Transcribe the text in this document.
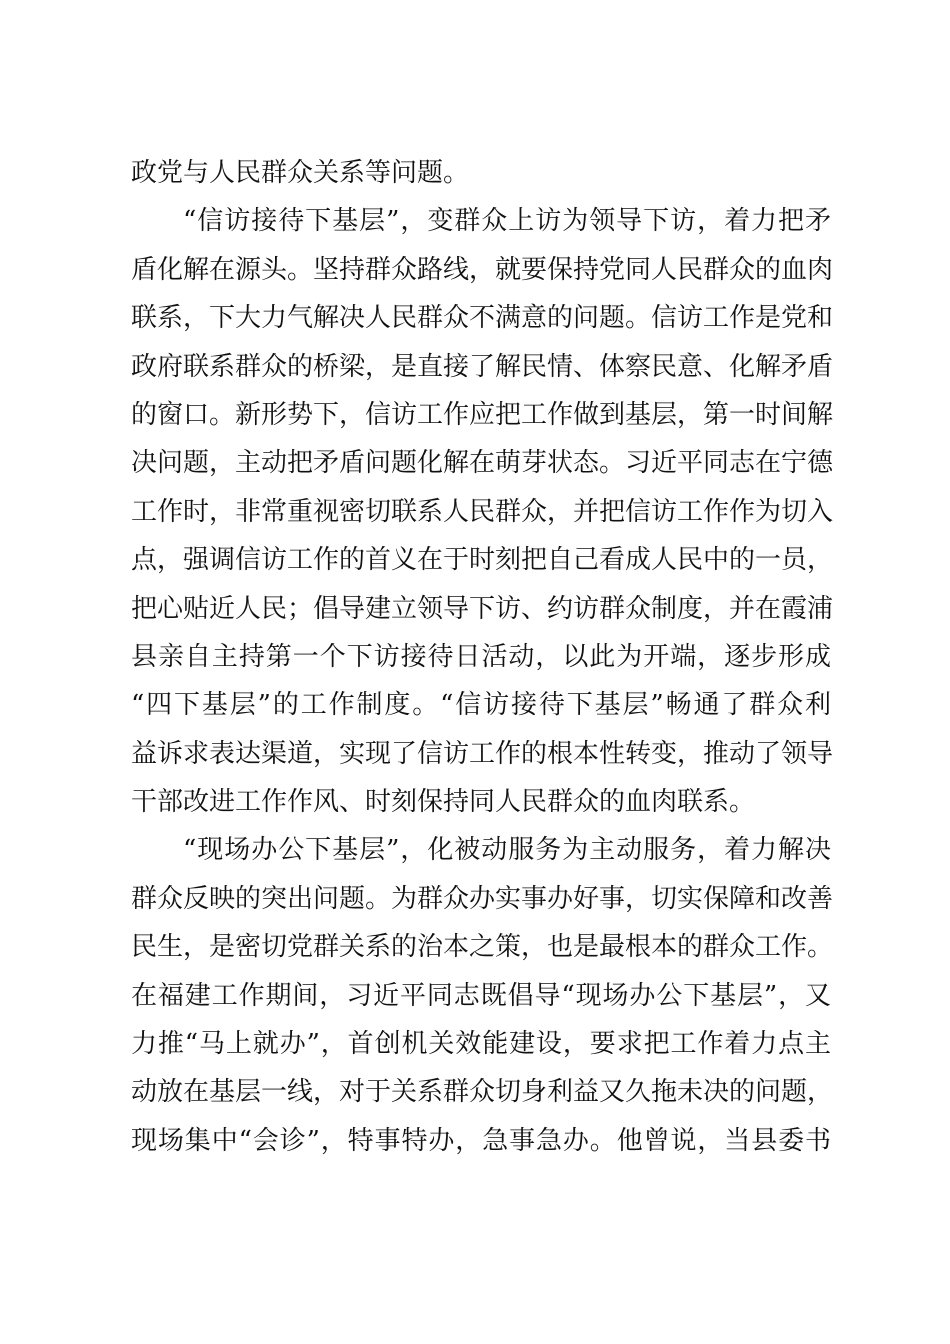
政党与人民群众关系等问题。
“信访接待下基层”，变群众上访为领导下访，着力把矛
盾化解在源头。坚持群众路线，就要保持党同人民群众的血肉
联系，下大力气解决人民群众不满意的问题。信访工作是党和
政府联系群众的桥梁，是直接了解民情、体察民意、化解矛盾
的窗口。新形势下，信访工作应把工作做到基层，第一时间解
决问题，主动把矛盾问题化解在萌芽状态。习近平同志在宁德
工作时，非常重视密切联系人民群众，并把信访工作作为切入
点，强调信访工作的首义在于时刻把自己看成人民中的一员，
把心贴近人民；倡导建立领导下访、约访群众制度，并在霞浦
县亲自主持第一个下访接待日活动，以此为开端，逐步形成
“四下基层”的工作制度。“信访接待下基层”畅通了群众利
益诉求表达渠道，实现了信访工作的根本性转变，推动了领导
干部改进工作作风、时刻保持同人民群众的血肉联系。
“现场办公下基层”，化被动服务为主动服务，着力解决
群众反映的突出问题。为群众办实事办好事，切实保障和改善
民生，是密切党群关系的治本之策，也是最根本的群众工作。
在福建工作期间，习近平同志既倡导“现场办公下基层”，又
力推“马上就办”，首创机关效能建设，要求把工作着力点主
动放在基层一线，对于关系群众切身利益又久拖未决的问题，
现场集中“会诊”，特事特办，急事急办。他曾说，当县委书
